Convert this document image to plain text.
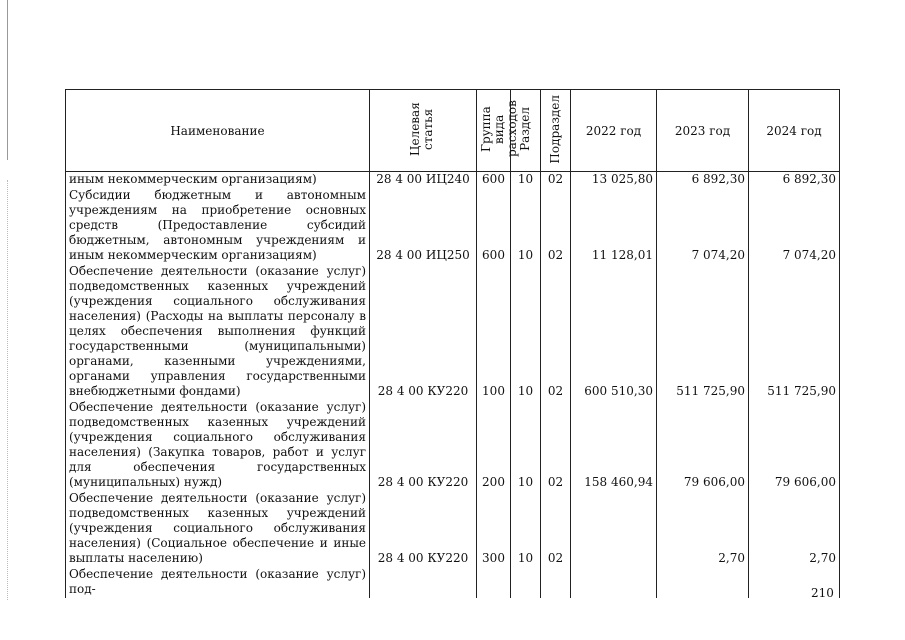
Наименование	Целевая статья	Группа вида расходов	Раздел	Подраздел	2022 год	2023 год	2024 год
иным некоммерческим организациям)	28 4 00 ИЦ240	600	10	02	13 025,80	6 892,30	6 892,30
Субсидии бюджетным и автономным учреждениям на приобретение основных средств (Предоставление субсидий бюджетным, автономным учреждениям и иным некоммерческим организациям)	28 4 00 ИЦ250	600	10	02	11 128,01	7 074,20	7 074,20
Обеспечение деятельности (оказание услуг) подведомственных казенных учреждений (учреждения социального обслуживания населения) (Расходы на выплаты персоналу в целях обеспечения выполнения функций государственными (муниципальными) органами, казенными учреждениями, органами управления государственными внебюджетными фондами)	28 4 00 КУ220	100	10	02	600 510,30	511 725,90	511 725,90
Обеспечение деятельности (оказание услуг) подведомственных казенных учреждений (учреждения социального обслуживания населения) (Закупка товаров, работ и услуг для обеспечения государственных (муниципальных) нужд)	28 4 00 КУ220	200	10	02	158 460,94	79 606,00	79 606,00
Обеспечение деятельности (оказание услуг) подведомственных казенных учреждений (учреждения социального обслуживания населения) (Социальное обеспечение и иные выплаты населению)	28 4 00 КУ220	300	10	02		2,70	2,70
Обеспечение деятельности (оказание услуг) под-								210
